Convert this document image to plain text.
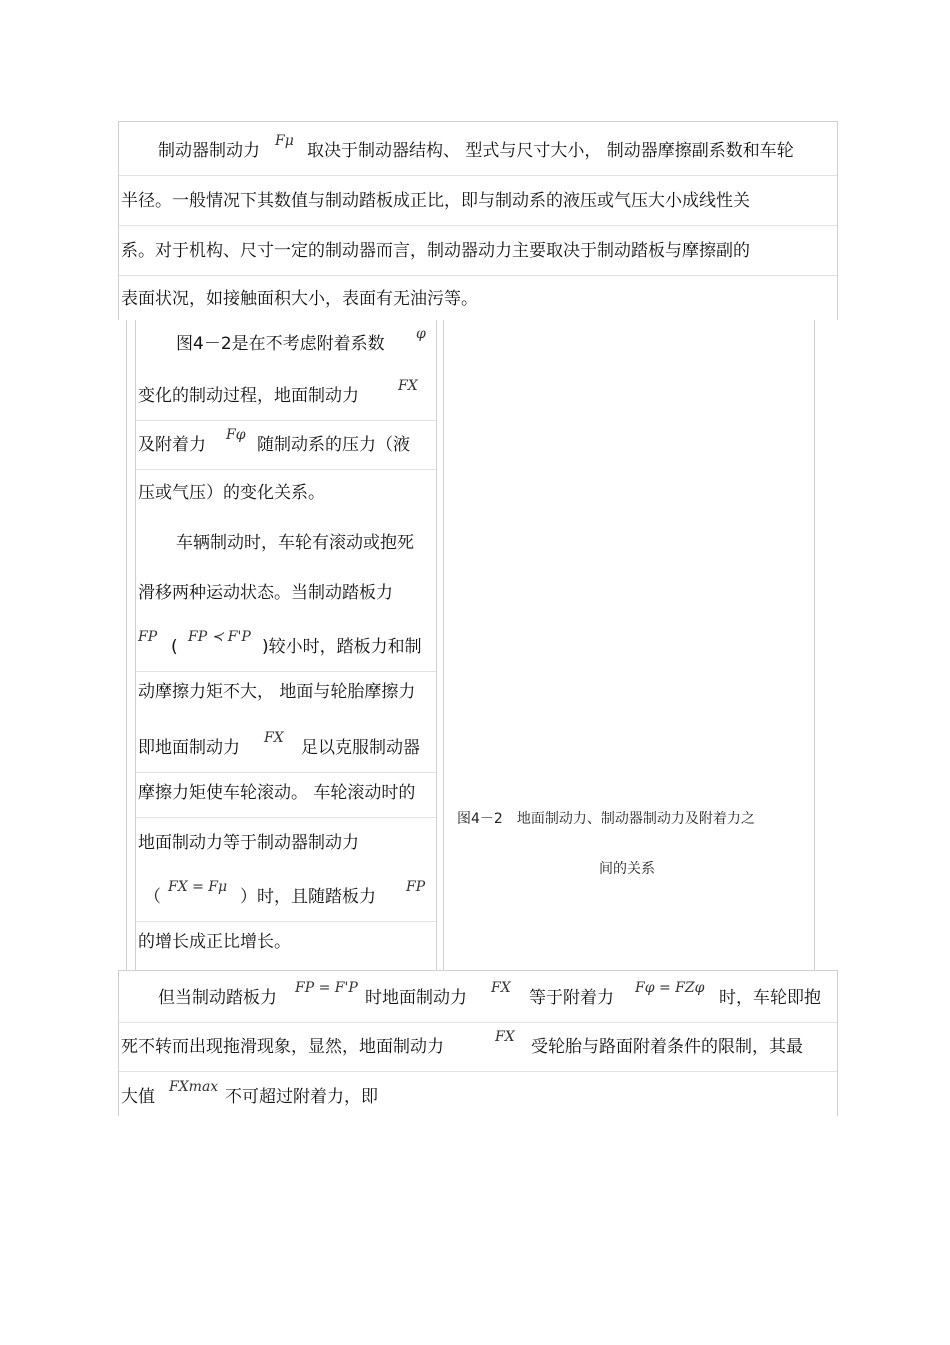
制动器制动力 Fμ 取决于制动器结构、 型式与尺寸大小， 制动器摩擦副系数和车轮
半径。一般情况下其数值与制动踏板成正比，即与制动系的液压或气压大小成线性关
系。对于机构、尺寸一定的制动器而言，制动器动力主要取决于制动踏板与摩擦副的
表面状况，如接触面积大小，表面有无油污等。
图4－2是在不考虑附着系数 φ
变化的制动过程，地面制动力	FX
及附着力 Fφ 随制动系的压力（液
压或气压）的变化关系。
车辆制动时，车轮有滚动或抱死
滑移两种运动状态。当制动踏板力
FP ( FP ≺ F'P )较小时，踏板力和制
动摩擦力矩不大， 地面与轮胎摩擦力
即地面制动力 FX 足以克服制动器
摩擦力矩使车轮滚动。 车轮滚动时的
地面制动力等于制动器制动力
（ FX = Fμ ）时，且随踏板力 FP
的增长成正比增长。
图4－2　地面制动力、制动器制动力及附着力之
间的关系
但当制动踏板力 FP = F'P 时地面制动力 FX 等于附着力 Fφ = FZφ 时，车轮即抱
死不转而出现拖滑现象，显然，地面制动力	FX 受轮胎与路面附着条件的限制，其最
大值 FXmax 不可超过附着力，即
